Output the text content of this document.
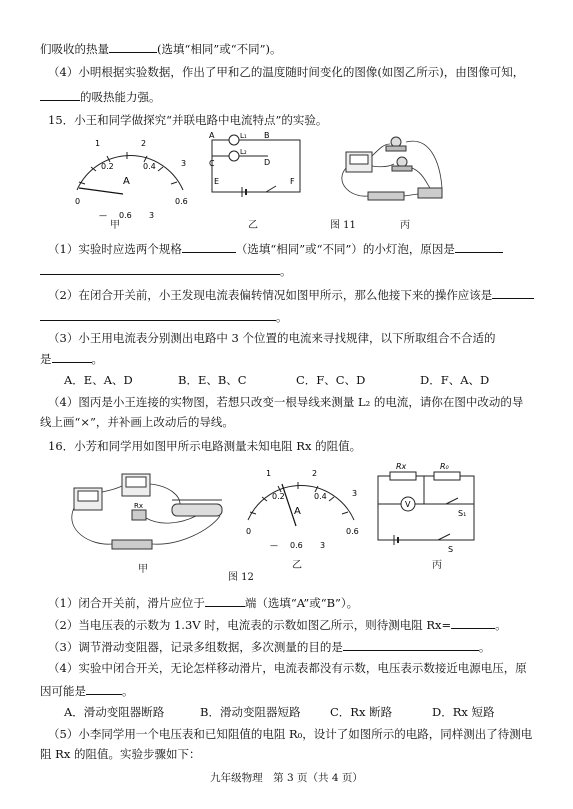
们吸收的热量	(选填“相同”或“不同”)。
（4）小明根据实验数据，作出了甲和乙的温度随时间变化的图像(如图乙所示)，由图像可知，
的吸热能力强。
15．小王和同学做探究“并联电路中电流特点”的实验。
0
0.2	0.4
0.6
1	2
3
A
— 0.6 3
A	L₁ B
C
L₂
D
E	F
甲	乙	图 11	丙
（1）实验时应选两个规格	（选填“相同”或“不同”）的小灯泡，原因是
。
（2）在闭合开关前，小王发现电流表偏转情况如图甲所示，那么他接下来的操作应该是
。
（3）小王用电流表分别测出电路中 3 个位置的电流来寻找规律，以下所取组合不合适的
是	。
A．E、A、D	B．E、B、C	C．F、C、D	D．F、A、D
（4）图丙是小王连接的实物图，若想只改变一根导线来测量 L₂ 的电流，请你在图中改动的导
线上画“×”，并补画上改动后的导线。
16．小芳和同学用如图甲所示电路测量未知电阻 Rx 的阻值。
Rx
0
0.2	0.4
0.6
1	2
3
A
— 0.6 3
Rx	R₀
V
S₁
S
甲	乙	丙
图 12
（1）闭合开关前，滑片应位于	端（选填“A”或“B”）。
（2）当电压表的示数为 1.3V 时，电流表的示数如图乙所示，则待测电阻 Rx=	。
（3）调节滑动变阻器，记录多组数据，多次测量的目的是	。
（4）实验中闭合开关，无论怎样移动滑片，电流表都没有示数，电压表示数接近电源电压，原
因可能是	。
A．滑动变阻器断路	B．滑动变阻器短路	C．Rx 断路	D．Rx 短路
（5）小李同学用一个电压表和已知阻值的电阻 R₀，设计了如图所示的电路，同样测出了待测电
阻 Rx 的阻值。实验步骤如下：
九年级物理　第 3 页（共 4 页）
